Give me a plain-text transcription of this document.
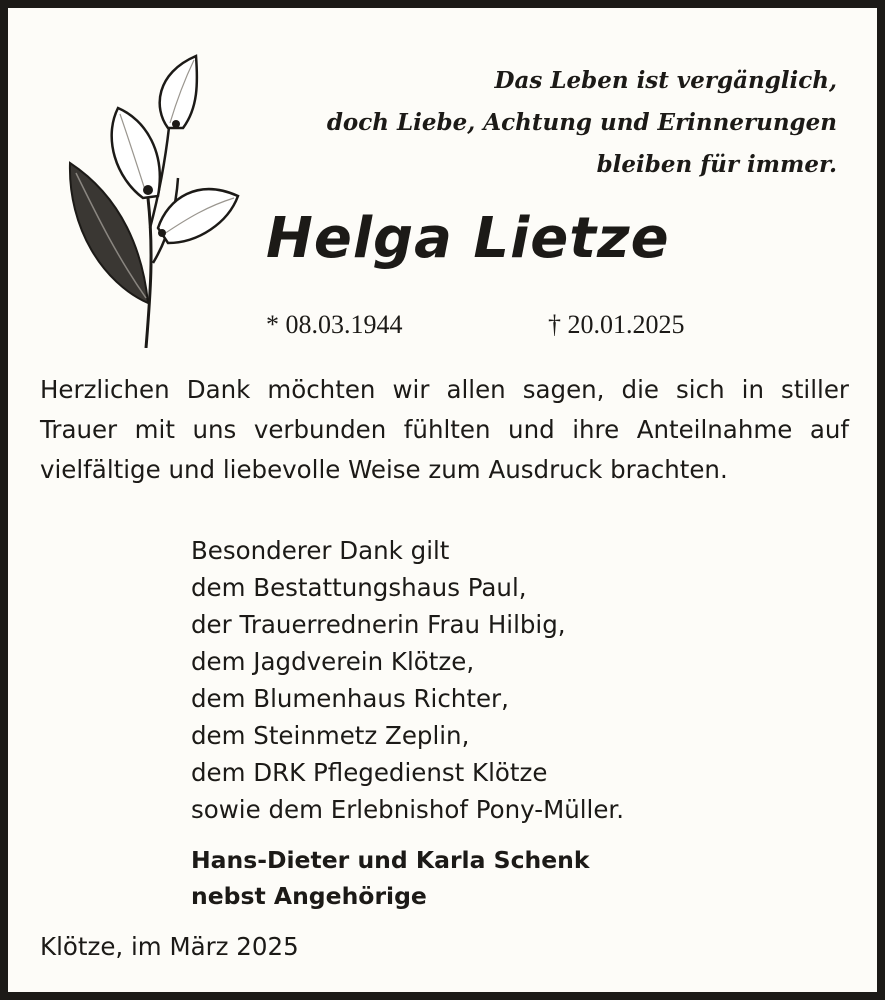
Das Leben ist vergänglich,
doch Liebe, Achtung und Erinnerungen
bleiben für immer.
Helga Lietze
* 08.03.1944	† 20.01.2025
Herzlichen Dank möchten wir allen sagen, die sich in stiller Trauer mit uns verbunden fühlten und ihre Anteilnahme auf vielfältige und liebevolle Weise zum Ausdruck brachten.
Besonderer Dank gilt
dem Bestattungshaus Paul,
der Trauerrednerin Frau Hilbig,
dem Jagdverein Klötze,
dem Blumenhaus Richter,
dem Steinmetz Zeplin,
dem DRK Pflegedienst Klötze
sowie dem Erlebnishof Pony-Müller.
Hans-Dieter und Karla Schenk
nebst Angehörige
Klötze, im März 2025
